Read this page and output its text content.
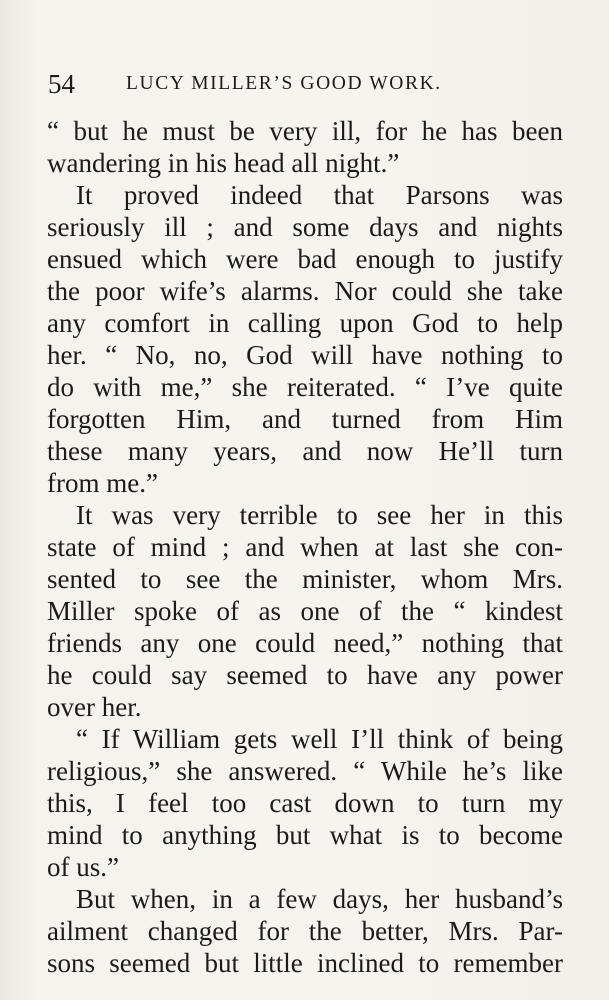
54	LUCY MILLER’S GOOD WORK.
“ but he must be very ill, for he has been
wandering in his head all night.”
It proved indeed that Parsons was
seriously ill ; and some days and nights
ensued which were bad enough to justify
the poor wife’s alarms. Nor could she take
any comfort in calling upon God to help
her. “ No, no, God will have nothing to
do with me,” she reiterated. “ I’ve quite
forgotten Him, and turned from Him
these many years, and now He’ll turn
from me.”
It was very terrible to see her in this
state of mind ; and when at last she con-
sented to see the minister, whom Mrs.
Miller spoke of as one of the “ kindest
friends any one could need,” nothing that
he could say seemed to have any power
over her.
“ If William gets well I’ll think of being
religious,” she answered. “ While he’s like
this, I feel too cast down to turn my
mind to anything but what is to become
of us.”
But when, in a few days, her husband’s
ailment changed for the better, Mrs. Par-
sons seemed but little inclined to remember
